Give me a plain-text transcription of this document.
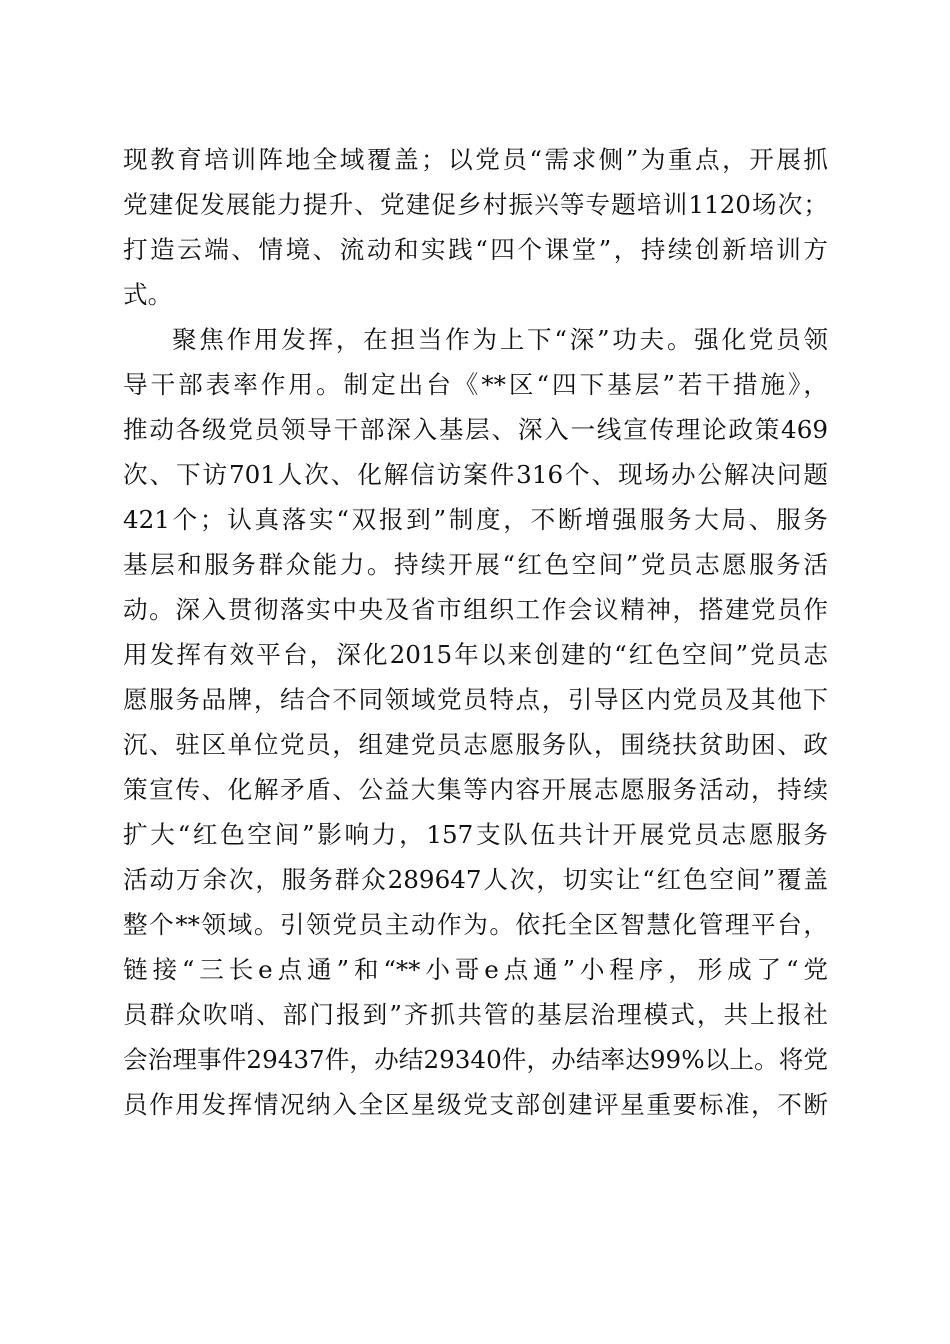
现教育培训阵地全域覆盖；以党员“需求侧”为重点，开展抓
党建促发展能力提升、党建促乡村振兴等专题培训1120场次；
打造云端、情境、流动和实践“四个课堂”，持续创新培训方
式。
聚焦作用发挥，在担当作为上下“深”功夫。强化党员领
导干部表率作用。制定出台《**区“四下基层”若干措施》，
推动各级党员领导干部深入基层、深入一线宣传理论政策469
次、下访701人次、化解信访案件316个、现场办公解决问题
421个；认真落实“双报到”制度，不断增强服务大局、服务
基层和服务群众能力。持续开展“红色空间”党员志愿服务活
动。深入贯彻落实中央及省市组织工作会议精神，搭建党员作
用发挥有效平台，深化2015年以来创建的“红色空间”党员志
愿服务品牌，结合不同领域党员特点，引导区内党员及其他下
沉、驻区单位党员，组建党员志愿服务队，围绕扶贫助困、政
策宣传、化解矛盾、公益大集等内容开展志愿服务活动，持续
扩大“红色空间”影响力，157支队伍共计开展党员志愿服务
活动万余次，服务群众289647人次，切实让“红色空间”覆盖
整个**领域。引领党员主动作为。依托全区智慧化管理平台，
链接“三长e点通”和“**小哥e点通”小程序，形成了“党
员群众吹哨、部门报到”齐抓共管的基层治理模式，共上报社
会治理事件29437件，办结29340件，办结率达99%以上。将党
员作用发挥情况纳入全区星级党支部创建评星重要标准，不断
